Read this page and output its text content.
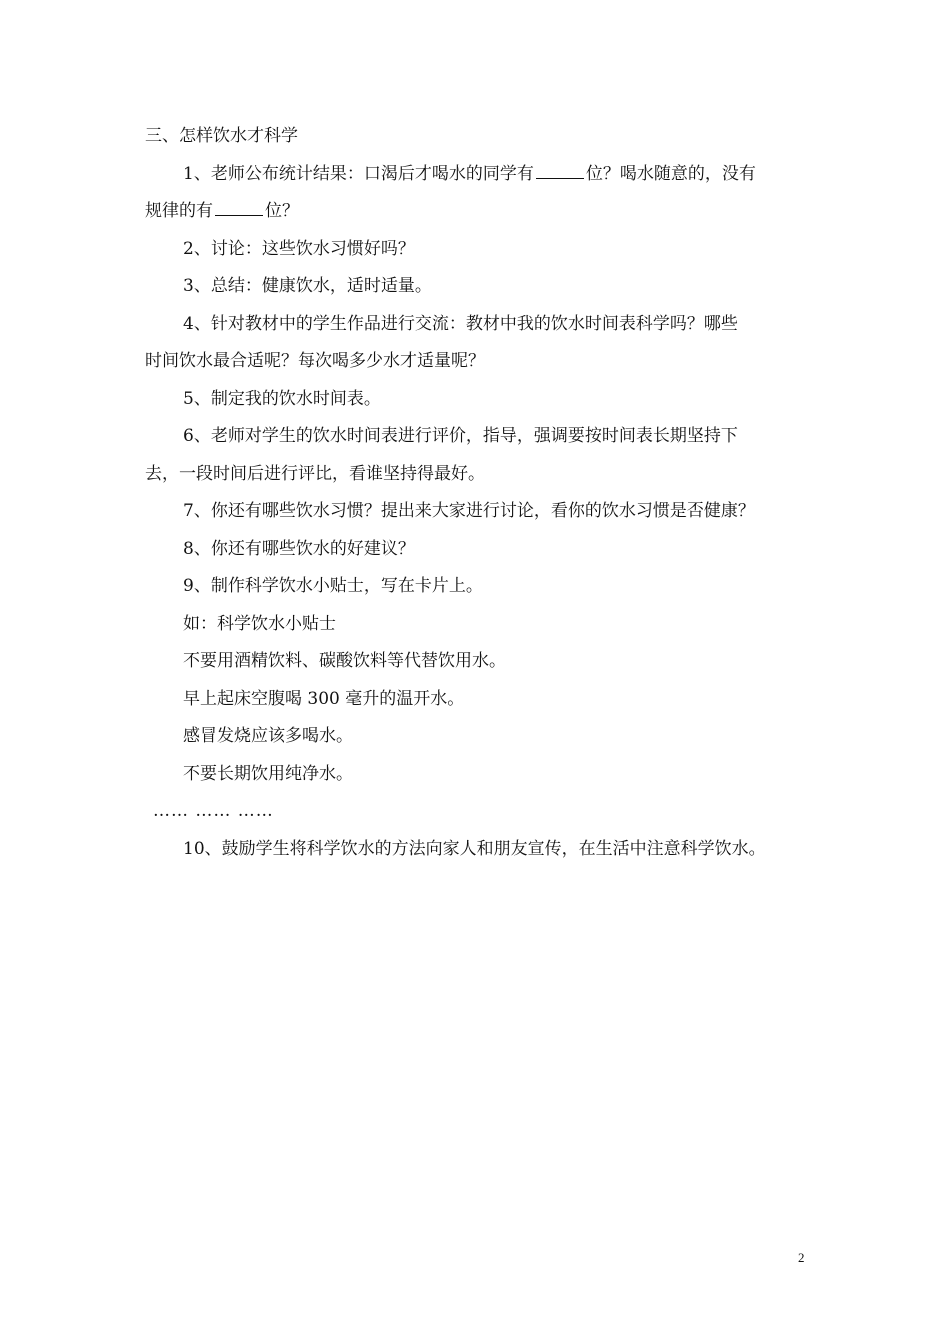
三、怎样饮水才科学

1、老师公布统计结果：口渴后才喝水的同学有	位？喝水随意的，没有

规律的有	位？

2、讨论：这些饮水习惯好吗？

3、总结：健康饮水，适时适量。

4、针对教材中的学生作品进行交流：教材中我的饮水时间表科学吗？哪些

时间饮水最合适呢？每次喝多少水才适量呢？

5、制定我的饮水时间表。

6、老师对学生的饮水时间表进行评价，指导，强调要按时间表长期坚持下

去，一段时间后进行评比，看谁坚持得最好。

7、你还有哪些饮水习惯？提出来大家进行讨论，看你的饮水习惯是否健康？

8、你还有哪些饮水的好建议？

9、制作科学饮水小贴士，写在卡片上。

如：科学饮水小贴士

不要用酒精饮料、碳酸饮料等代替饮用水。

早上起床空腹喝 300 毫升的温开水。

感冒发烧应该多喝水。

不要长期饮用纯净水。

…… …… ……

10、鼓励学生将科学饮水的方法向家人和朋友宣传，在生活中注意科学饮水。

2
